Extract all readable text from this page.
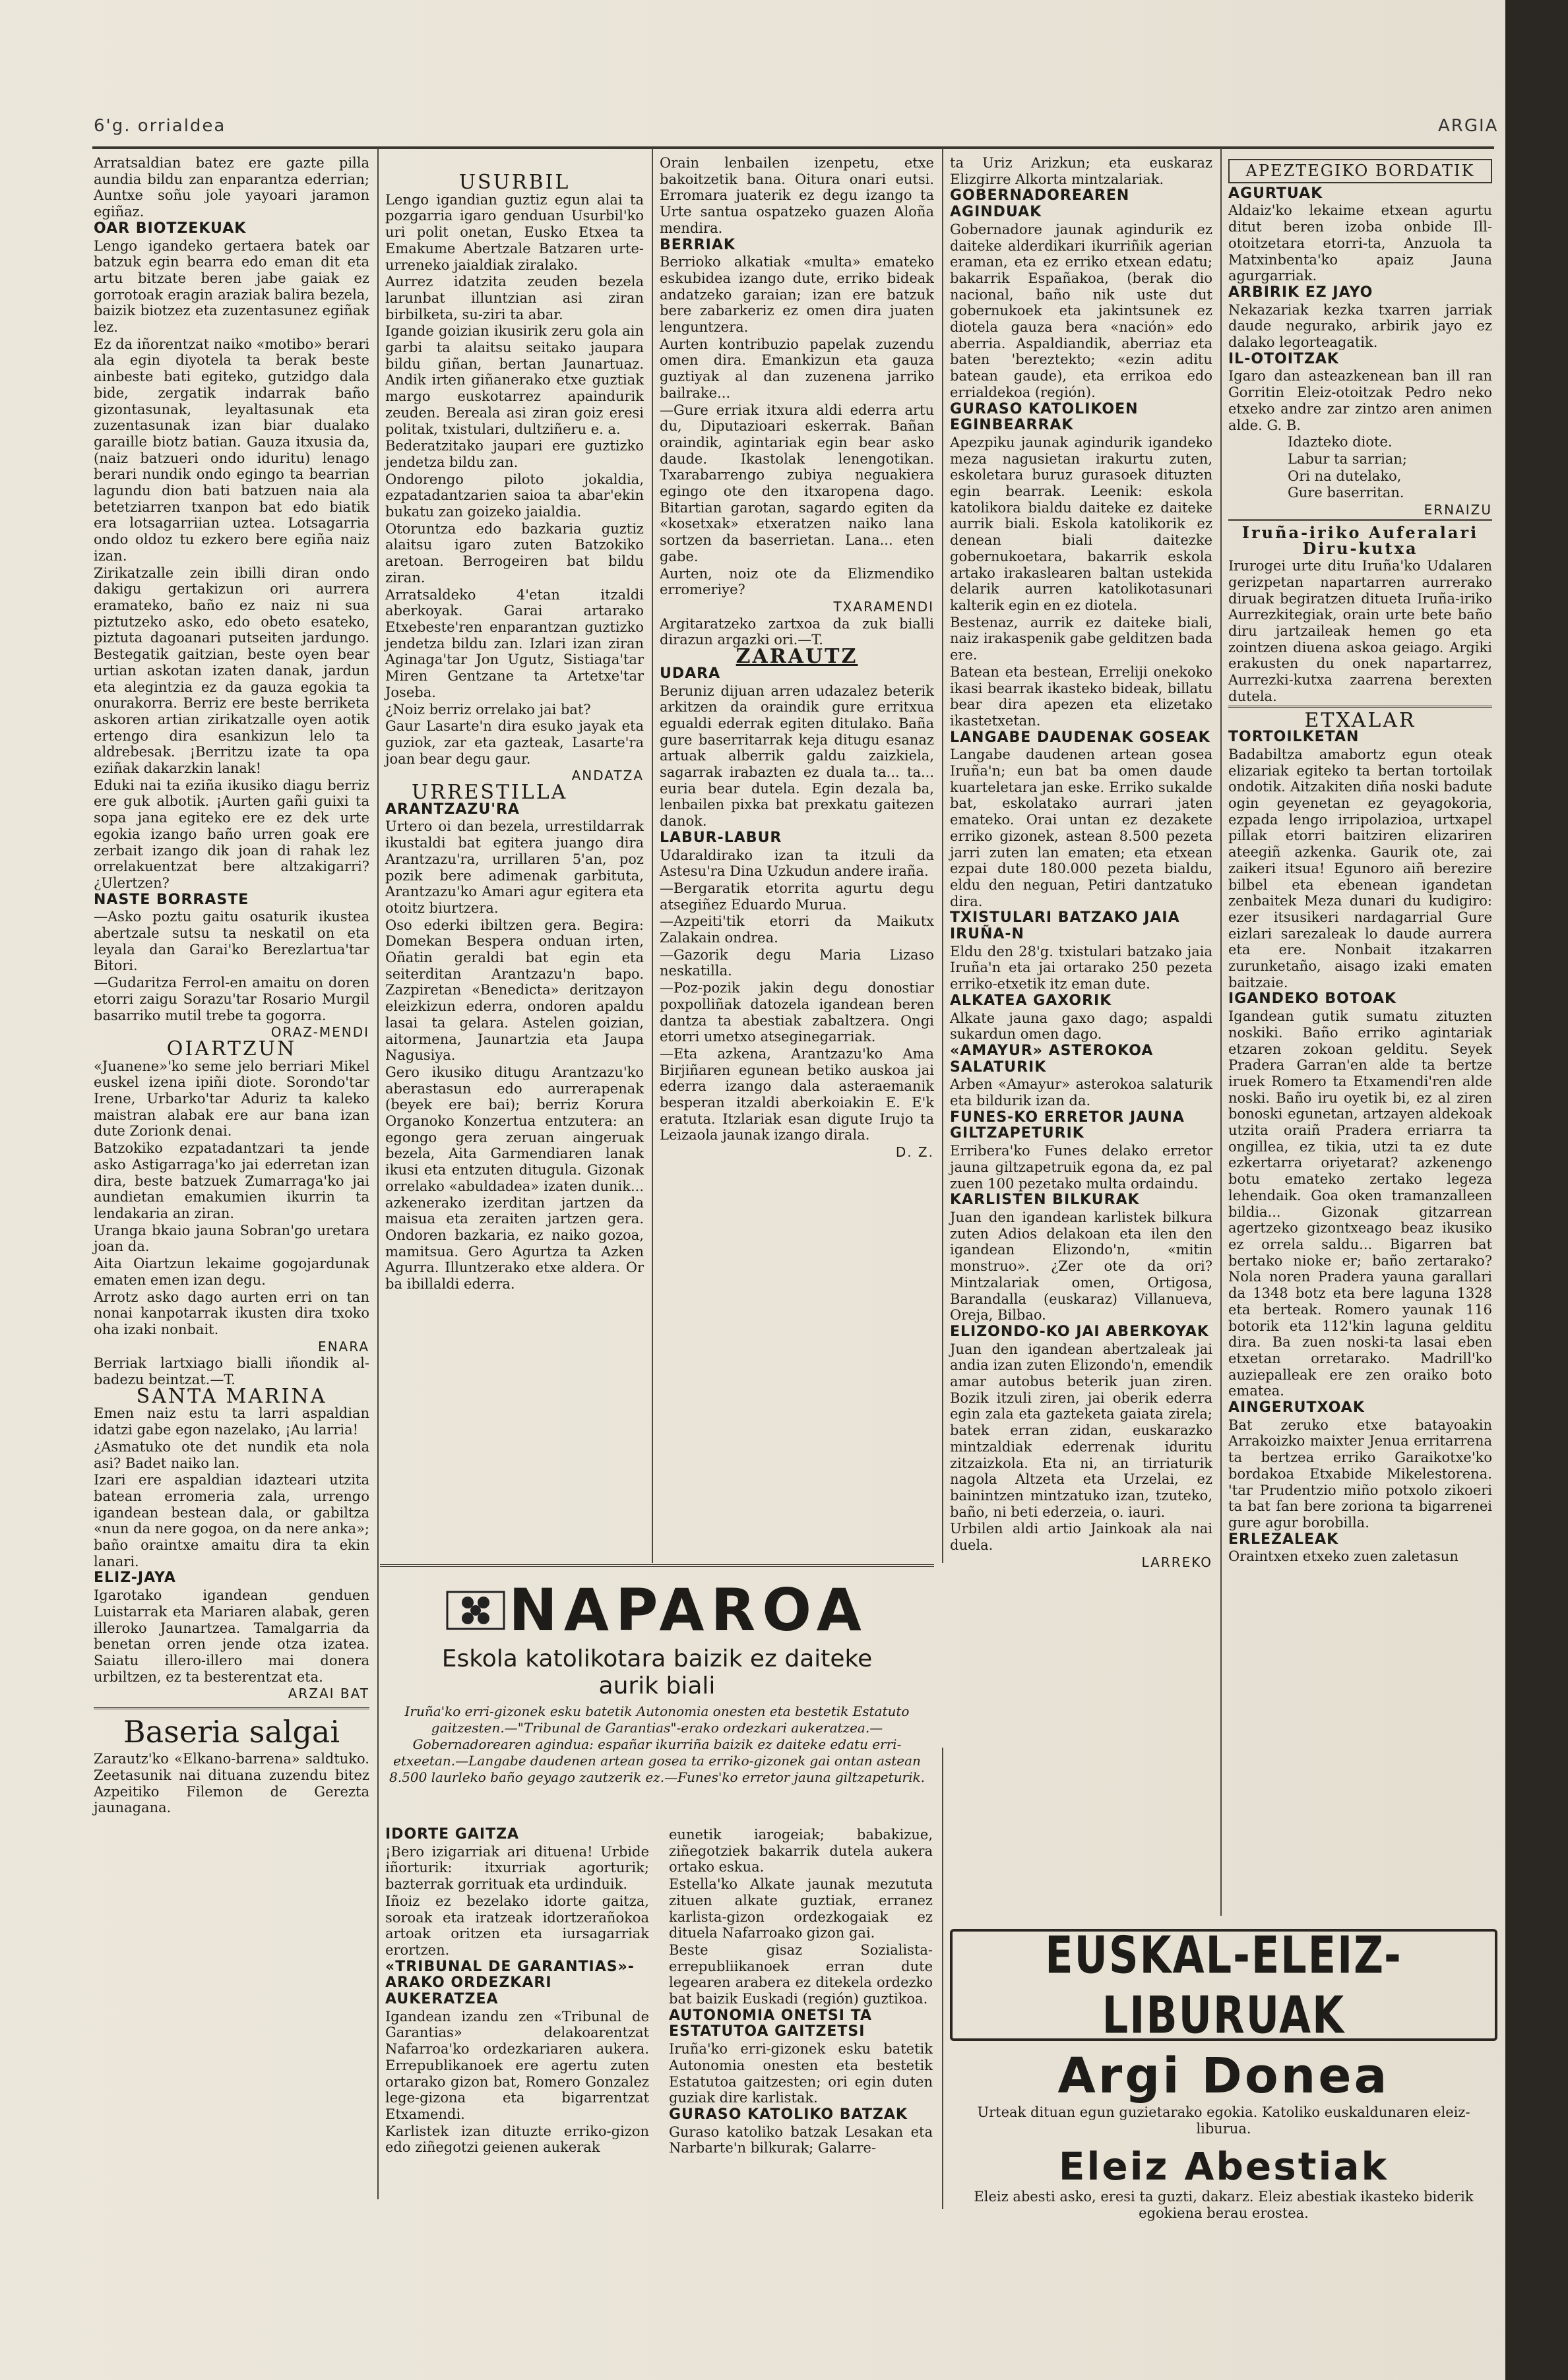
6'g. orrialdea	ARGIA

Arratsaldian batez ere gazte pilla aundia bildu zan enparantza ederrian; Auntxe soñu jole yayoari jaramon egiñaz.

OAR BIOTZEKUAK

Lengo igandeko gertaera batek oar batzuk egin bearra edo eman dit eta artu bitzate beren jabe gaiak ez gorrotoak eragin araziak balira bezela, baizik biotzez eta zuzentasunez egiñak lez.

Ez da iñorentzat naiko «motibo» berari ala egin diyotela ta berak beste ainbeste bati egiteko, gutzidgo dala bide, zergatik indarrak baño gizontasunak, leyaltasunak eta zuzentasunak izan biar dualako garaille biotz batian. Gauza itxusia da, (naiz batzueri ondo iduritu) lenago berari nundik ondo egingo ta bearrian lagundu dion bati batzuen naia ala betetziarren txanpon bat edo biatik era lotsagarriian uztea. Lotsagarria ondo oldoz tu ezkero bere egiña naiz izan.

Zirikatzalle zein ibilli diran ondo dakigu gertakizun ori aurrera eramateko, baño ez naiz ni sua piztutzeko asko, edo obeto esateko, piztuta dagoanari putseiten jardungo. Bestegatik gaitzian, beste oyen bear urtian askotan izaten danak, jardun eta alegintzia ez da gauza egokia ta onurakorra. Berriz ere beste berriketa askoren artian zirikatzalle oyen aotik ertengo dira esankizun lelo ta aldrebesak. ¡Berritzu izate ta opa eziñak dakarzkin lanak!

Eduki nai ta eziña ikusiko diagu berriz ere guk albotik. ¡Aurten gañi guixi ta sopa jana egiteko ere ez dek urte egokia izango baño urren goak ere zerbait izango dik joan di rahak lez orrelakuentzat bere altzakigarri? ¿Ulertzen?

NASTE BORRASTE

—Asko poztu gaitu osaturik ikustea abertzale sutsu ta neskatil on eta leyala dan Garai'ko Berezlartua'tar Bitori.

—Gudaritza Ferrol-en amaitu on doren etorri zaigu Sorazu'tar Rosario Murgil basarriko mutil trebe ta gogorra.

ORAZ-MENDI

OIARTZUN

«Juanene»'ko seme jelo berriari Mikel euskel izena ipiñi diote. Sorondo'tar Irene, Urbarko'tar Aduriz ta kaleko maistran alabak ere aur bana izan dute Zorionk denai.

Batzokiko ezpatadantzari ta jende asko Astigarraga'ko jai ederretan izan dira, beste batzuek Zumarraga'ko jai aundietan emakumien ikurrin ta lendakaria an ziran.

Uranga bkaio jauna Sobran'go uretara joan da.

Aita Oiartzun lekaime gogojardunak ematen emen izan degu.

Arrotz asko dago aurten erri on tan nonai kanpotarrak ikusten dira txoko oha izaki nonbait.

ENARA

Berriak lartxiago bialli iñondik al-badezu beintzat.—T.

SANTA MARINA

Emen naiz estu ta larri aspaldian idatzi gabe egon nazelako, ¡Au larria!

¿Asmatuko ote det nundik eta nola asi? Badet naiko lan.

Izari ere aspaldian idazteari utzita batean erromeria zala, urrengo igandean bestean dala, or gabiltza «nun da nere gogoa, on da nere anka»; baño oraintxe amaitu dira ta ekin lanari.

ELIZ-JAYA

Igarotako igandean genduen Luistarrak eta Mariaren alabak, geren illeroko Jaunartzea. Tamalgarria da benetan orren jende otza izatea. Saiatu illero-illero mai donera urbiltzen, ez ta besterentzat eta.

ARZAI BAT

Baseria salgai

Zarautz'ko «Elkano-barrena» saldtuko. Zeetasunik nai dituana zuzendu bitez Azpeitiko Filemon de Gerezta jaunagana.

USURBIL

Lengo igandian guztiz egun alai ta pozgarria igaro genduan Usurbil'ko uri polit onetan, Eusko Etxea ta Emakume Abertzale Batzaren urte-urreneko jaialdiak ziralako.

Aurrez idatzita zeuden bezela larunbat illuntzian asi ziran birbilketa, su-ziri ta abar.

Igande goizian ikusirik zeru gola ain garbi ta alaitsu seitako jaupara bildu giñan, bertan Jaunartuaz. Andik irten giñanerako etxe guztiak margo euskotarrez apaindurik zeuden. Bereala asi ziran goiz eresi politak, txistulari, dultziñeru e. a.

Bederatzitako jaupari ere guztizko jendetza bildu zan.

Ondorengo piloto jokaldia, ezpatadantzarien saioa ta abar'ekin bukatu zan goizeko jaialdia.

Otoruntza edo bazkaria guztiz alaitsu igaro zuten Batzokiko aretoan. Berrogeiren bat bildu ziran.

Arratsaldeko 4'etan itzaldi aberkoyak. Garai artarako Etxebeste'ren enparantzan guztizko jendetza bildu zan. Izlari izan ziran Aginaga'tar Jon Ugutz, Sistiaga'tar Miren Gentzane ta Artetxe'tar Joseba.

¿Noiz berriz orrelako jai bat?

Gaur Lasarte'n dira esuko jayak eta guziok, zar eta gazteak, Lasarte'ra joan bear degu gaur.

ANDATZA

URRESTILLA

ARANTZAZU'RA

Urtero oi dan bezela, urrestildarrak ikustaldi bat egitera juango dira Arantzazu'ra, urrillaren 5'an, poz pozik bere adimenak garbituta, Arantzazu'ko Amari agur egitera eta otoitz biurtzera.

Oso ederki ibiltzen gera. Begira: Domekan Bespera onduan irten, Oñatin geraldi bat egin eta seiterditan Arantzazu'n bapo. Zazpiretan «Benedicta» deritzayon eleizkizun ederra, ondoren apaldu lasai ta gelara. Astelen goizian, aitormena, Jaunartzia eta Jaupa Nagusiya.

Gero ikusiko ditugu Arantzazu'ko aberastasun edo aurrerapenak (beyek ere bai); berriz Korura Organoko Konzertua entzutera: an egongo gera zeruan aingeruak bezela, Aita Garmendiaren lanak ikusi eta entzuten ditugula. Gizonak orrelako «abuldadea» izaten dunik... azkenerako izerditan jartzen da maisua eta zeraiten jartzen gera. Ondoren bazkaria, ez naiko gozoa, mamitsua. Gero Agurtza ta Azken Agurra. Illuntzerako etxe aldera. Or ba ibillaldi ederra.

Orain lenbailen izenpetu, etxe bakoitzetik bana. Oitura onari eutsi. Erromara juaterik ez degu izango ta Urte santua ospatzeko guazen Aloña mendira.

BERRIAK

Berrioko alkatiak «multa» emateko eskubidea izango dute, erriko bideak andatzeko garaian; izan ere batzuk bere zabarkeriz ez omen dira juaten lenguntzera.

Aurten kontribuzio papelak zuzendu omen dira. Emankizun eta gauza guztiyak al dan zuzenena jarriko bailrake...

—Gure erriak itxura aldi ederra artu du, Diputazioari eskerrak. Bañan oraindik, agintariak egin bear asko daude. Ikastolak lenengotikan. Txarabarrengo zubiya neguakiera egingo ote den itxaropena dago. Bitartian garotan, sagardo egiten da «kosetxak» etxeratzen naiko lana sortzen da baserrietan. Lana... eten gabe.

Aurten, noiz ote da Elizmendiko erromeriye?

TXARAMENDI

Argitaratzeko zartxoa da zuk bialli dirazun argazki ori.—T.

ZARAUTZ

UDARA

Beruniz dijuan arren udazalez beterik arkitzen da oraindik gure erritxua egualdi ederrak egiten ditulako. Baña gure baserritarrak keja ditugu esanaz artuak alberrik galdu zaizkiela, sagarrak irabazten ez duala ta... ta... euria bear dutela. Egin dezala ba, lenbailen pixka bat prexkatu gaitezen danok.

LABUR-LABUR

Udaraldirako izan ta itzuli da Astesu'ra Dina Uzkudun andere iraña.

—Bergaratik etorrita agurtu degu atsegiñez Eduardo Murua.

—Azpeiti'tik etorri da Maikutx Zalakain ondrea.

—Gazorik degu Maria Lizaso neskatilla.

—Poz-pozik jakin degu donostiar poxpolliñak datozela igandean beren dantza ta abestiak zabaltzera. Ongi etorri umetxo atseginegarriak.

—Eta azkena, Arantzazu'ko Ama Birjiñaren egunean betiko auskoa jai ederra izango dala asteraemanik besperan itzaldi aberkoiakin E. E'k eratuta. Itzlariak esan digute Irujo ta Leizaola jaunak izango dirala.

D. Z.

ta Uriz Arizkun; eta euskaraz Elizgirre Alkorta mintzalariak.

GOBERNADOREAREN AGINDUAK

Gobernadore jaunak agindurik ez daiteke alderdikari ikurriñik agerian eraman, eta ez erriko etxean edatu; bakarrik Españakoa, (berak dio nacional, baño nik uste dut gobernukoek eta jakintsunek ez diotela gauza bera «nación» edo aberria. Aspaldiandik, aberriaz eta baten 'bereztekto; «ezin aditu batean gaude), eta errikoa edo errialdekoa (región).

GURASO KATOLIKOEN EGINBEARRAK

Apezpiku jaunak agindurik igandeko meza nagusietan irakurtu zuten, eskoletara buruz gurasoek dituzten egin bearrak. Leenik: eskola katolikora bialdu daiteke ez daiteke aurrik biali. Eskola katolikorik ez denean biali daitezke gobernukoetara, bakarrik eskola artako irakaslearen baltan ustekida delarik aurren katolikotasunari kalterik egin en ez diotela.

Bestenaz, aurrik ez daiteke biali, naiz irakaspenik gabe gelditzen bada ere.

Batean eta bestean, Erreliji onekoko ikasi bearrak ikasteko bideak, billatu bear dira apezen eta elizetako ikastetxetan.

LANGABE DAUDENAK GOSEAK

Langabe daudenen artean gosea Iruña'n; eun bat ba omen daude kuarteletara jan eske. Erriko sukalde bat, eskolatako aurrari jaten emateko. Orai untan ez dezakete erriko gizonek, astean 8.500 pezeta jarri zuten lan ematen; eta etxean ezpai dute 180.000 pezeta bialdu, eldu den neguan, Petiri dantzatuko dira.

TXISTULARI BATZAKO JAIA IRUÑA-N

Eldu den 28'g. txistulari batzako jaia Iruña'n eta jai ortarako 250 pezeta erriko-etxetik itz eman dute.

ALKATEA GAXORIK

Alkate jauna gaxo dago; aspaldi sukardun omen dago.

«AMAYUR» ASTEROKOA SALATURIK

Arben «Amayur» asterokoa salaturik eta bildurik izan da.

FUNES-KO ERRETOR JAUNA GILTZAPETURIK

Erribera'ko Funes delako erretor jauna giltzapetruik egona da, ez pal zuen 100 pezetako multa ordaindu.

KARLISTEN BILKURAK

Juan den igandean karlistek bilkura zuten Adios delakoan eta ilen den igandean Elizondo'n, «mitin monstruo». ¿Zer ote da ori? Mintzalariak omen, Ortigosa, Barandalla (euskaraz) Villanueva, Oreja, Bilbao.

ELIZONDO-KO JAI ABERKOYAK

Juan den igandean abertzaleak jai andia izan zuten Elizondo'n, emendik amar autobus beterik juan ziren. Bozik itzuli ziren, jai oberik ederra egin zala eta gazteketa gaiata zirela; batek erran zidan, euskarazko mintzaldiak ederrenak iduritu zitzaizkola. Eta ni, an tirriaturik nagola Altzeta eta Urzelai, ez bainintzen mintzatuko izan, tzuteko, baño, ni beti ederzeia, o. iauri.

Urbilen aldi artio Jainkoak ala nai duela.

LARREKO

APEZTEGIKO BORDATIK

AGURTUAK

Aldaiz'ko lekaime etxean agurtu ditut beren izoba onbide Ill-otoitzetara etorri-ta, Anzuola ta Matxinbenta'ko apaiz Jauna agurgarriak.

ARBIRIK EZ JAYO

Nekazariak kezka txarren jarriak daude negurako, arbirik jayo ez dalako legorteagatik.

IL-OTOITZAK

Igaro dan asteazkenean ban ill ran Gorritin Eleiz-otoitzak Pedro neko etxeko andre zar zintzo aren animen alde. G. B.

Idazteko diote.

Labur ta sarrian;

Ori na dutelako,

Gure baserritan.

ERNAIZU

Iruña-iriko Auferalari Diru-kutxa

Irurogei urte ditu Iruña'ko Udalaren gerizpetan napartarren aurrerako diruak begiratzen ditueta Iruña-iriko Aurrezkitegiak, orain urte bete baño diru jartzaileak hemen go eta zointzen diuena askoa geiago. Argiki erakusten du onek napartarrez, Aurrezki-kutxa zaarrena berexten dutela.

ETXALAR

TORTOILKETAN

Badabiltza amabortz egun oteak elizariak egiteko ta bertan tortoilak ondotik. Aitzakiten diña noski badute ogin geyenetan ez geyagokoria, ezpada lengo irripolazioa, urtxapel pillak etorri baitziren elizariren ateegiñ azkenka. Gaurik ote, zai zaikeri itsua! Egunoro aiñ berezire bilbel eta ebenean igandetan zenbaitek Meza dunari du kudigiro: ezer itsusikeri nardagarrial Gure eizlari sarezaleak lo daude aurrera eta ere. Nonbait itzakarren zurunketaño, aisago izaki ematen baitzaie.

IGANDEKO BOTOAK

Igandean gutik sumatu zituzten noskiki. Baño erriko agintariak etzaren zokoan gelditu. Seyek Pradera Garran'en alde ta bertze iruek Romero ta Etxamendi'ren alde noski. Baño iru oyetik bi, ez al ziren bonoski egunetan, artzayen aldekoak utzita oraiñ Pradera erriarra ta ongillea, ez tikia, utzi ta ez dute ezkertarra oriyetarat? azkenengo botu emateko zertako legeza lehendaik. Goa oken tramanzalleen bildia... Gizonak gitzarrean agertzeko gizontxeago beaz ikusiko ez orrela saldu... Bigarren bat bertako nioke er; baño zertarako? Nola noren Pradera yauna garallari da 1348 botz eta bere laguna 1328 eta berteak. Romero yaunak 116 botorik eta 112'kin laguna gelditu dira. Ba zuen noski-ta lasai eben etxetan orretarako. Madrill'ko auziepalleak ere zen oraiko boto ematea.

AINGERUTXOAK

Bat zeruko etxe batayoakin Arrakoizko maixter Jenua erritarrena ta bertzea erriko Garaikotxe'ko bordakoa Etxabide Mikelestorena. 'tar Prudentzio miño potxolo zikoeri ta bat fan bere zoriona ta bigarrenei gure agur borobilla.

ERLEZALEAK

Oraintxen etxeko zuen zaletasun

NAPAROA

Eskola katolikotara baizik ez daiteke

aurik biali

Iruña'ko erri-gizonek esku batetik Autonomia onesten eta bestetik Estatuto gaitzesten.—"Tribunal de Garantias"-erako ordezkari aukeratzea.—Gobernadorearen agindua: españar ikurriña baizik ez daiteke edatu erri-etxeetan.—Langabe daudenen artean gosea ta erriko-gizonek gai ontan astean 8.500 laurleko baño geyago zautzerik ez.—Funes'ko erretor jauna giltzapeturik.

IDORTE GAITZA

¡Bero izigarriak ari dituena! Urbide iñorturik: itxurriak agorturik; bazterrak gorrituak eta urdinduik.

Iñoiz ez bezelako idorte gaitza, soroak eta iratzeak idortzerañokoa artoak oritzen eta iursagarriak erortzen.

«TRIBUNAL DE GARANTIAS»-ARAKO ORDEZKARI AUKERATZEA

Igandean izandu zen «Tribunal de Garantias» delakoarentzat Nafarroa'ko ordezkariaren aukera. Errepublikanoek ere agertu zuten ortarako gizon bat, Romero Gonzalez lege-gizona eta bigarrentzat Etxamendi.

Karlistek izan dituzte erriko-gizon edo ziñegotzi geienen aukerak

eunetik iarogeiak; babakizue, ziñegotziek bakarrik dutela aukera ortako eskua.

Estella'ko Alkate jaunak mezututa zituen alkate guztiak, erranez karlista-gizon ordezkogaiak ez dituela Nafarroako gizon gai.

Beste gisaz Sozialista-errepubliikanoek erran dute legearen arabera ez ditekela ordezko bat baizik Euskadi (región) guztikoa.

AUTONOMIA ONETSI TA ESTATUTOA GAITZETSI

Iruña'ko erri-gizonek esku batetik Autonomia onesten eta bestetik Estatutoa gaitzesten; ori egin duten guziak dire karlistak.

GURASO KATOLIKO BATZAK

Guraso katoliko batzak Lesakan eta Narbarte'n bilkurak; Galarre-

EUSKAL-ELEIZ-LIBURUAK

Argi Donea

Urteak dituan egun guzietarako egokia. Katoliko euskaldunaren eleiz-liburua.

Eleiz Abestiak

Eleiz abesti asko, eresi ta guzti, dakarz. Eleiz abestiak ikasteko biderik egokiena berau erostea.
